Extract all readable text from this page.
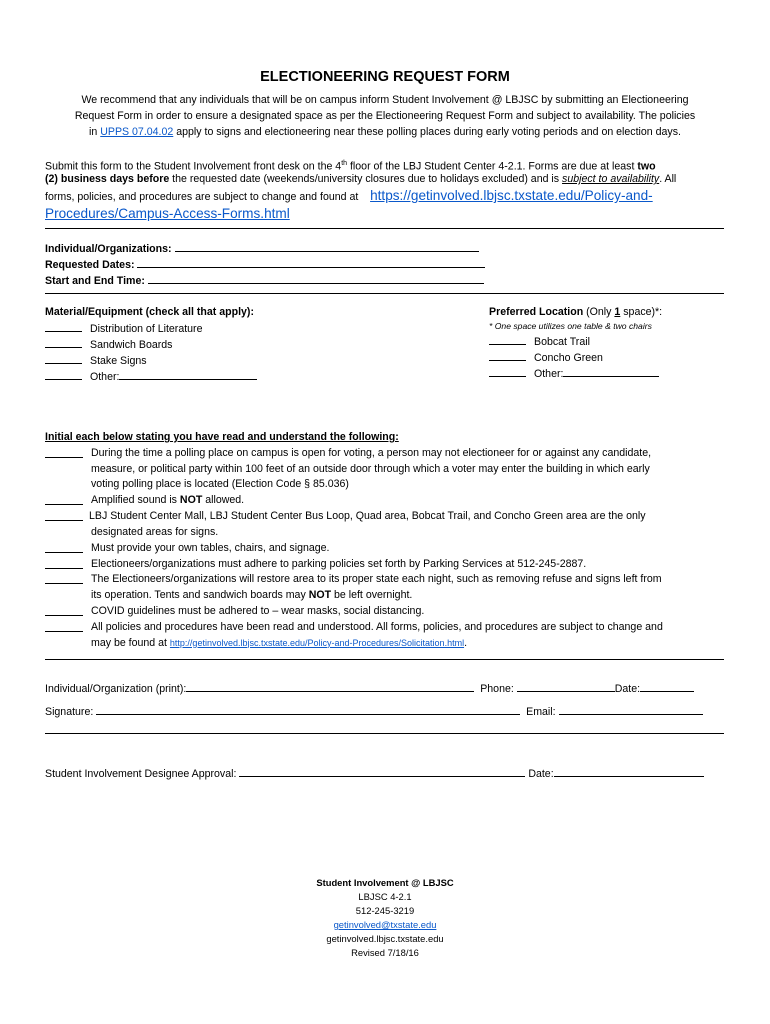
ELECTIONEERING REQUEST FORM
We recommend that any individuals that will be on campus inform Student Involvement @ LBJSC by submitting an Electioneering
Request Form in order to ensure a designated space as per the Electioneering Request Form and subject to availability. The policies
in UPPS 07.04.02 apply to signs and electioneering near these polling places during early voting periods and on election days.
Submit this form to the Student Involvement front desk on the 4th floor of the LBJ Student Center 4-2.1. Forms are due at least two
(2) business days before the requested date (weekends/university closures due to holidays excluded) and is subject to availability. All
forms, policies, and procedures are subject to change and found at https://getinvolved.lbjsc.txstate.edu/Policy-and-
Procedures/Campus-Access-Forms.html
Individual/Organizations:
Requested Dates:
Start and End Time:
Material/Equipment (check all that apply):
Distribution of Literature
Sandwich Boards
Stake Signs
Other:
Preferred Location (Only 1 space)*:
* One space utilizes one table & two chairs
Bobcat Trail
Concho Green
Other:
Initial each below stating you have read and understand the following:
During the time a polling place on campus is open for voting, a person may not electioneer for or against any candidate,
measure, or political party within 100 feet of an outside door through which a voter may enter the building in which early
voting polling place is located (Election Code § 85.036)
Amplified sound is NOT allowed.
LBJ Student Center Mall, LBJ Student Center Bus Loop, Quad area, Bobcat Trail, and Concho Green area are the only
designated areas for signs.
Must provide your own tables, chairs, and signage.
Electioneers/organizations must adhere to parking policies set forth by Parking Services at 512-245-2887.
The Electioneers/organizations will restore area to its proper state each night, such as removing refuse and signs left from
its operation. Tents and sandwich boards may NOT be left overnight.
COVID guidelines must be adhered to – wear masks, social distancing.
All policies and procedures have been read and understood. All forms, policies, and procedures are subject to change and
may be found at http://getinvolved.lbjsc.txstate.edu/Policy-and-Procedures/Solicitation.html.
Individual/Organization (print):	Phone:	Date:
Signature:	Email:
Student Involvement Designee Approval:	Date:
Student Involvement @ LBJSC
LBJSC 4-2.1
512-245-3219
getinvolved@txstate.edu
getinvolved.lbjsc.txstate.edu
Revised 7/18/16
